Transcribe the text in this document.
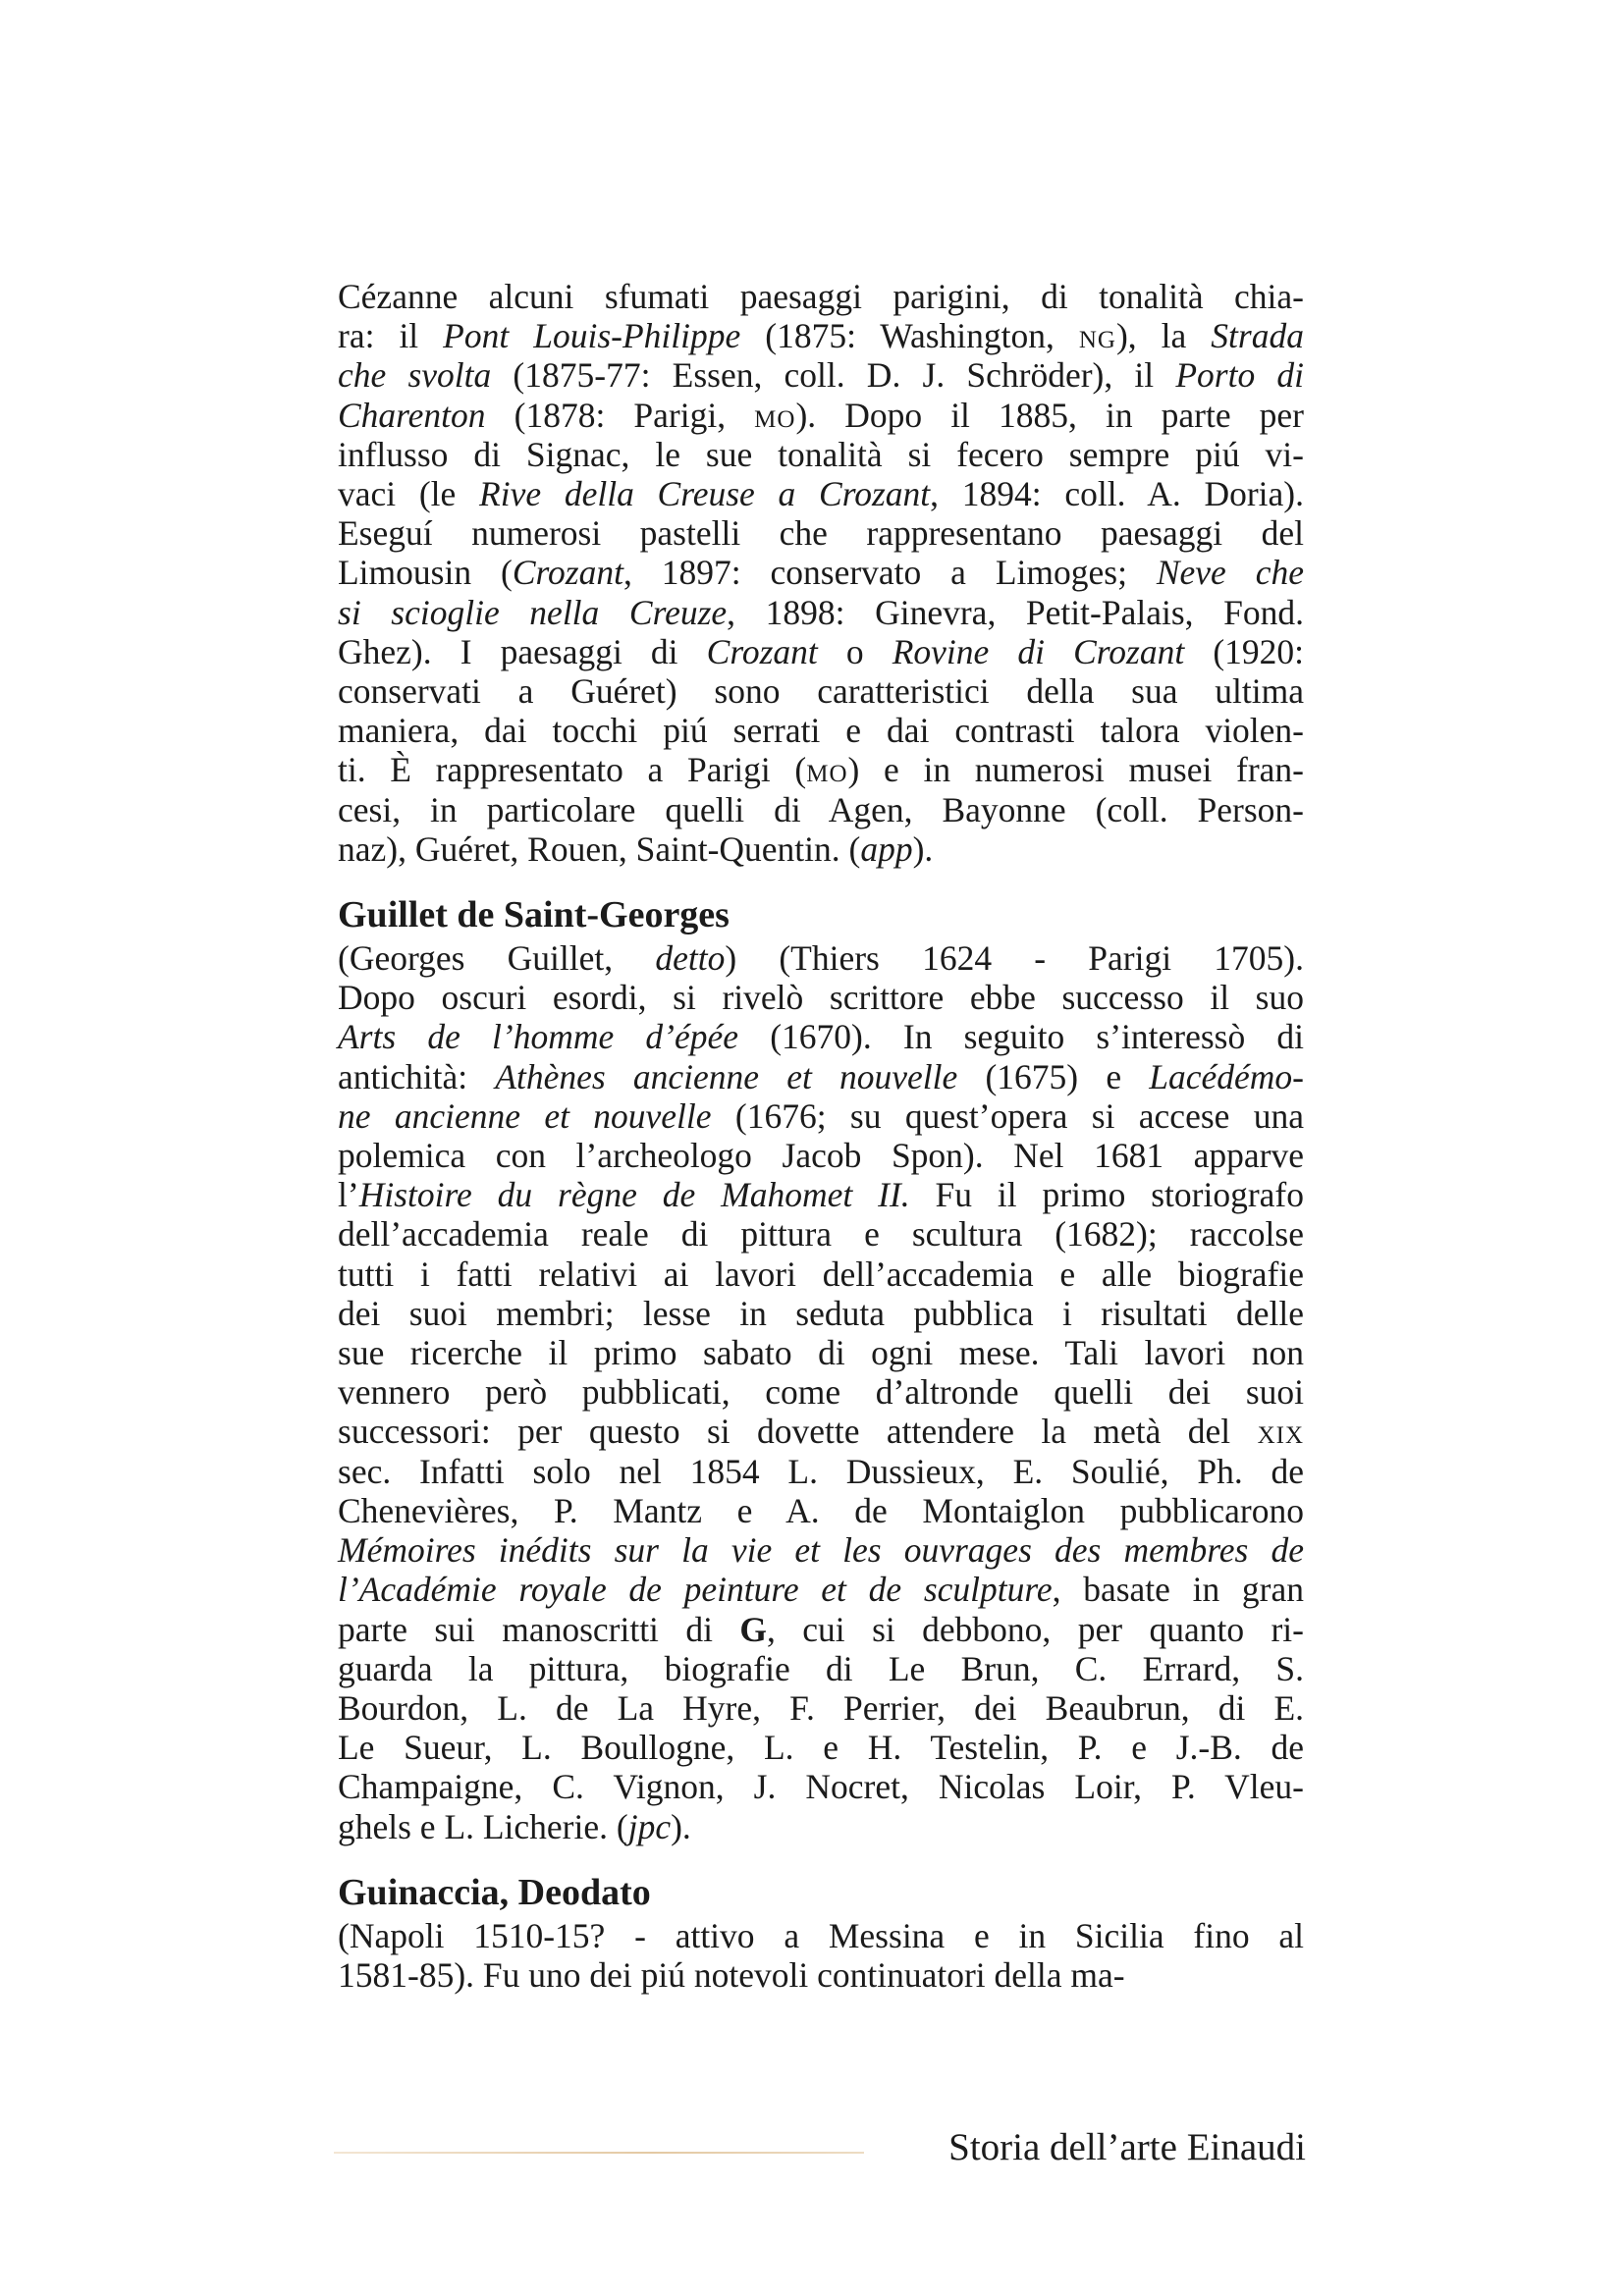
Cézanne alcuni sfumati paesaggi parigini, di tonalità chia-

ra: il Pont Louis-Philippe (1875: Washington, ng), la Strada

che svolta (1875-77: Essen, coll. D. J. Schröder), il Porto di

Charenton (1878: Parigi, mo). Dopo il 1885, in parte per

influsso di Signac, le sue tonalità si fecero sempre piú vi-

vaci (le Rive della Creuse a Crozant, 1894: coll. A. Doria).

Eseguí numerosi pastelli che rappresentano paesaggi del

Limousin (Crozant, 1897: conservato a Limoges; Neve che

si scioglie nella Creuze, 1898: Ginevra, Petit-Palais, Fond.

Ghez). I paesaggi di Crozant o Rovine di Crozant (1920:

conservati a Guéret) sono caratteristici della sua ultima

maniera, dai tocchi piú serrati e dai contrasti talora violen-

ti. È rappresentato a Parigi (mo) e in numerosi musei fran-

cesi, in particolare quelli di Agen, Bayonne (coll. Person-

naz), Guéret, Rouen, Saint-Quentin. (app).

Guillet de Saint-Georges

(Georges Guillet, detto) (Thiers 1624 - Parigi 1705).

Dopo oscuri esordi, si rivelò scrittore ebbe successo il suo

Arts de l’homme d’épée (1670). In seguito s’interessò di

antichità: Athènes ancienne et nouvelle (1675) e Lacédémo-

ne ancienne et nouvelle (1676; su quest’opera si accese una

polemica con l’archeologo Jacob Spon). Nel 1681 apparve

l’Histoire du règne de Mahomet II. Fu il primo storiografo

dell’accademia reale di pittura e scultura (1682); raccolse

tutti i fatti relativi ai lavori dell’accademia e alle biografie

dei suoi membri; lesse in seduta pubblica i risultati delle

sue ricerche il primo sabato di ogni mese. Tali lavori non

vennero però pubblicati, come d’altronde quelli dei suoi

successori: per questo si dovette attendere la metà del xix

sec. Infatti solo nel 1854 L. Dussieux, E. Soulié, Ph. de

Chenevières, P. Mantz e A. de Montaiglon pubblicarono

Mémoires inédits sur la vie et les ouvrages des membres de

l’Académie royale de peinture et de sculpture, basate in gran

parte sui manoscritti di G, cui si debbono, per quanto ri-

guarda la pittura, biografie di Le Brun, C. Errard, S.

Bourdon, L. de La Hyre, F. Perrier, dei Beaubrun, di E.

Le Sueur, L. Boullogne, L. e H. Testelin, P. e J.-B. de

Champaigne, C. Vignon, J. Nocret, Nicolas Loir, P. Vleu-

ghels e L. Licherie. (jpc).

Guinaccia, Deodato

(Napoli 1510-15? - attivo a Messina e in Sicilia fino al

1581-85). Fu uno dei piú notevoli continuatori della ma-

Storia dell’arte Einaudi
